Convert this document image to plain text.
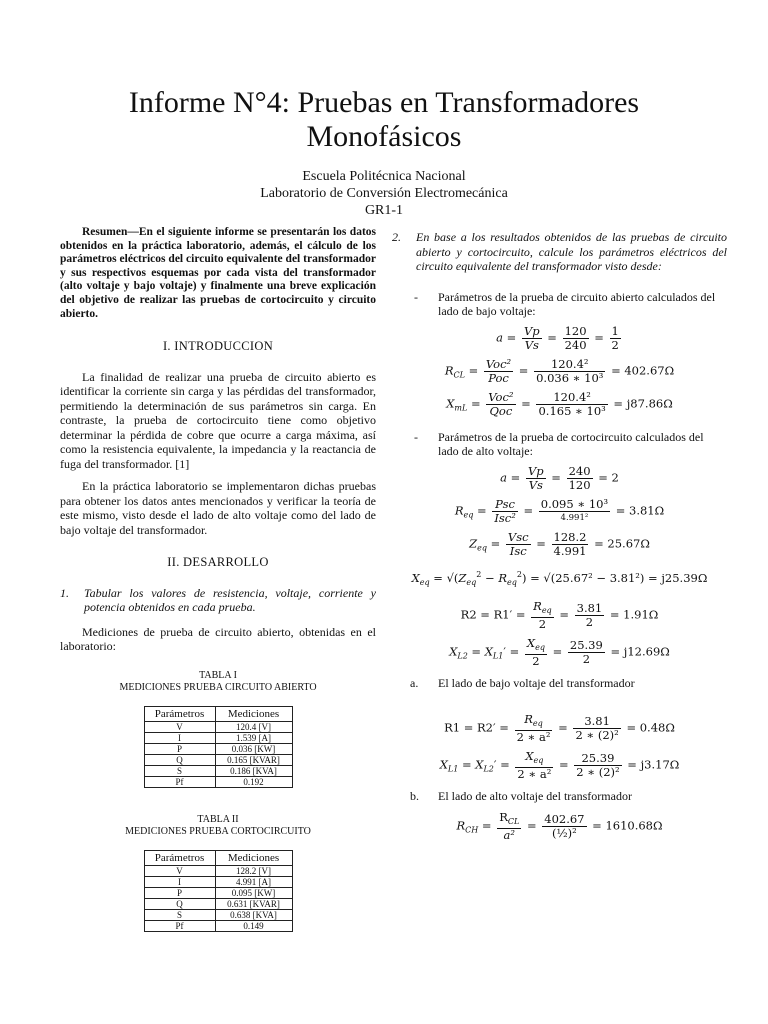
Informe N°4: Pruebas en Transformadores
Monofásicos
Escuela Politécnica Nacional
Laboratorio de Conversión Electromecánica
GR1-1

Resumen—En el siguiente informe se presentarán los datos obtenidos en la práctica laboratorio, además, el cálculo de los parámetros eléctricos del circuito equivalente del transformador y sus respectivos esquemas por cada vista del transformador (alto voltaje y bajo voltaje) y finalmente una breve explicación del objetivo de realizar las pruebas de cortocircuito y circuito abierto.

I. INTRODUCCION

La finalidad de realizar una prueba de circuito abierto es identificar la corriente sin carga y las pérdidas del transformador, permitiendo la determinación de sus parámetros sin carga. En contraste, la prueba de cortocircuito tiene como objetivo determinar la pérdida de cobre que ocurre a carga máxima, así como la resistencia equivalente, la impedancia y la reactancia de fuga del transformador. [1]

En la práctica laboratorio se implementaron dichas pruebas para obtener los datos antes mencionados y verificar la teoría de este mismo, visto desde el lado de alto voltaje como del lado de bajo voltaje del transformador.

II. DESARROLLO
1.	Tabular los valores de resistencia, voltaje, corriente y potencia obtenidos en cada prueba.

Mediciones de prueba de circuito abierto, obtenidas en el laboratorio:

TABLA I
MEDICIONES PRUEBA CIRCUITO ABIERTO
Parámetros	Mediciones
V	120.4 [V]
I	1.539 [A]
P	0.036 [KW]
Q	0.165 [KVAR]
S	0.186 [KVA]
Pf	0.192
TABLA II
MEDICIONES PRUEBA CORTOCIRCUITO
Parámetros	Mediciones
V	128.2 [V]
I	4.991 [A]
P	0.095 [KW]
Q	0.631 [KVAR]
S	0.638 [KVA]
Pf	0.149
2.	En base a los resultados obtenidos de las pruebas de circuito abierto y cortocircuito, calcule los parámetros eléctricos del circuito equivalente del transformador visto desde:
-	Parámetros de la prueba de circuito abierto calculados del lado de bajo voltaje:
$a = \frac{Vp}{Vs} = \frac{120}{240} = \frac{1}{2}$
$R_{CL} = \frac{\text{Voc²}}{\text{Poc}} = \frac{\text{120.4²}}{\text{0.036 ∗ 10³}} = 402.67\Omega$
$X_{mL} = \frac{\text{Voc²}}{\text{Qoc}} = \frac{\text{120.4²}}{\text{0.165 ∗ 10³}} = j87.86\Omega$
-	Parámetros de la prueba de cortocircuito calculados del lado de alto voltaje:
$a = \frac{Vp}{Vs} = \frac{240}{120} = 2$
$R_{eq} = \frac{\text{Psc}}{\text{Isc²}} = \frac{\text{0.095 ∗ 10³}}{\text{4.991²}} = 3.81\Omega$
$Z_{eq} = \frac{\text{Vsc}}{\text{Isc}} = \frac{128.2}{4.991} = 25.67\Omega$
$X_{eq} = √(Z_{eq}^2 - R_{eq}^2) = √(25.67^2 - 3.81^2) = j25.39\Omega$
$R2 = R1' = \frac{R_{eq}}{2} = \frac{3.81}{2} = 1.91\Omega$
$X_{L2} = X_{L1}' = \frac{X_{eq}}{2} = \frac{25.39}{2} = j12.69\Omega$
a.	El lado de bajo voltaje del transformador
$R1 = R2' = \frac{R_{eq}}{\text{2 ∗ a²}} = \frac{3.81}{\text{2 ∗ (2)²}} = 0.48\Omega$
$X_{L1} = X_{L2}' = \frac{X_{eq}}{\text{2 ∗ a²}} = \frac{25.39}{\text{2 ∗ (2)²}} = j3.17\Omega$
b.	El lado de alto voltaje del transformador
$R_{CH} = \frac{R_{CL}}{\text{a²}} = \frac{402.67}{\text{(½)²}} = 1610.68\Omega$
